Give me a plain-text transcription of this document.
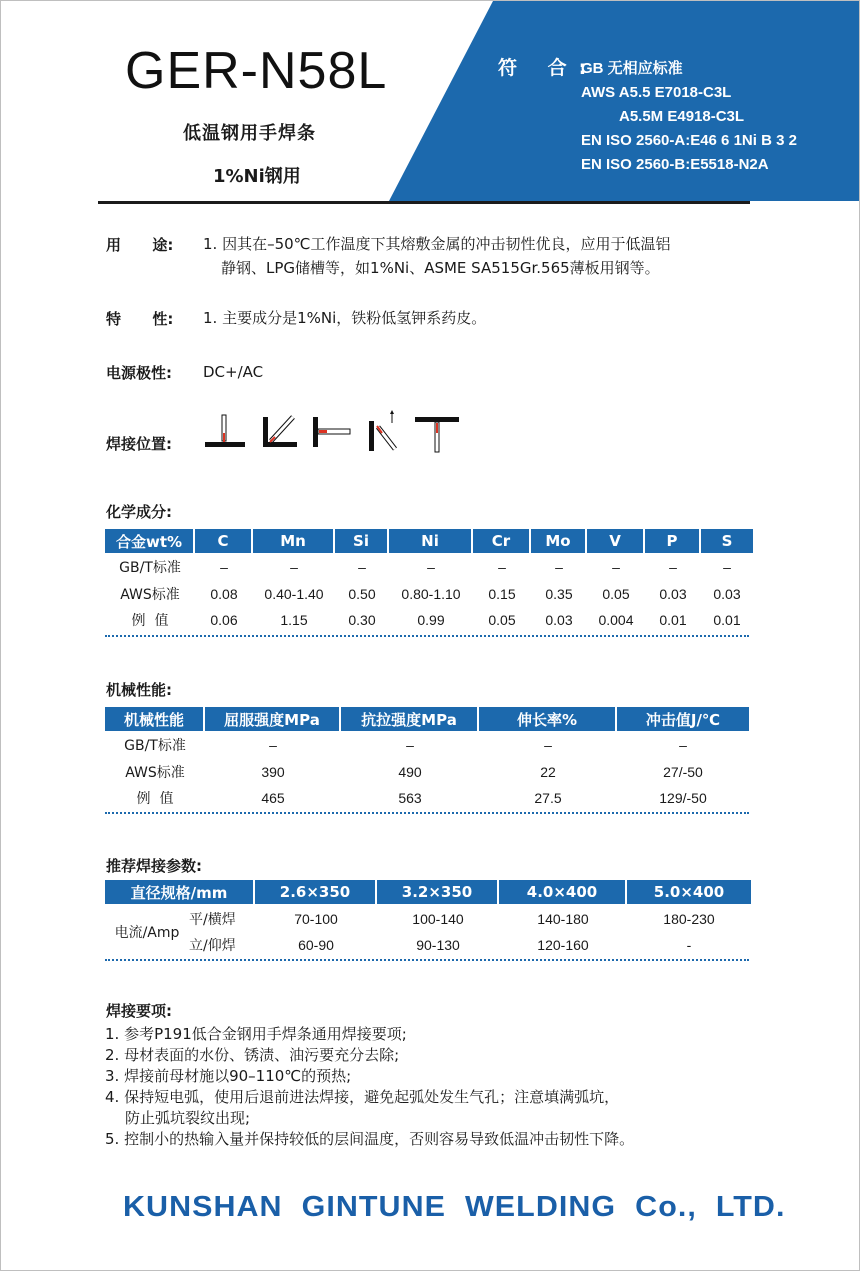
GER-N58L
低温钢用手焊条
1%Ni钢用
符 合:
GB 无相应标准
AWS A5.5 E7018-C3L
A5.5M E4918-C3L
EN ISO 2560-A:E46 6 1Ni B 3 2
EN ISO 2560-B:E5518-N2A
用      途: 1. 因其在–50℃工作温度下其熔敷金属的冲击韧性优良，应用于低温铝
静钢、LPG储槽等，如1%Ni、ASME SA515Gr.565薄板用钢等。
特      性: 1. 主要成分是1%Ni，铁粉低氢钾系药皮。
电源极性: DC+/AC
焊接位置:
化学成分:
合金wt%	C	Mn	Si	Ni	Cr	Mo	V	P	S
GB/T标准	–	–	–	–	–	–	–	–	–
AWS标准	0.08	0.40-1.40	0.50	0.80-1.10	0.15	0.35	0.05	0.03	0.03
例  值	0.06	1.15	0.30	0.99	0.05	0.03	0.004	0.01	0.01
机械性能:
机械性能	屈服强度MPa	抗拉强度MPa	伸长率%	冲击值J/℃
GB/T标准	–	–	–	–
AWS标准	390	490	22	27/-50
例  值	465	563	27.5	129/-50
推荐焊接参数:
直径规格/mm	2.6×350	3.2×350	4.0×400	5.0×400
电流/Amp
平/横焊	70-100	100-140	140-180	180-230
立/仰焊	60-90	90-130	120-160	-
焊接要项:
1. 参考P191低合金钢用手焊条通用焊接要项;
2. 母材表面的水份、锈渍、油污要充分去除;
3. 焊接前母材施以90–110℃的预热;
4. 保持短电弧，使用后退前进法焊接，避免起弧处发生气孔；注意填满弧坑，
防止弧坑裂纹出现;
5. 控制小的热输入量并保持较低的层间温度，否则容易导致低温冲击韧性下降。
KUNSHAN  GINTUNE  WELDING  Co.,  LTD.
